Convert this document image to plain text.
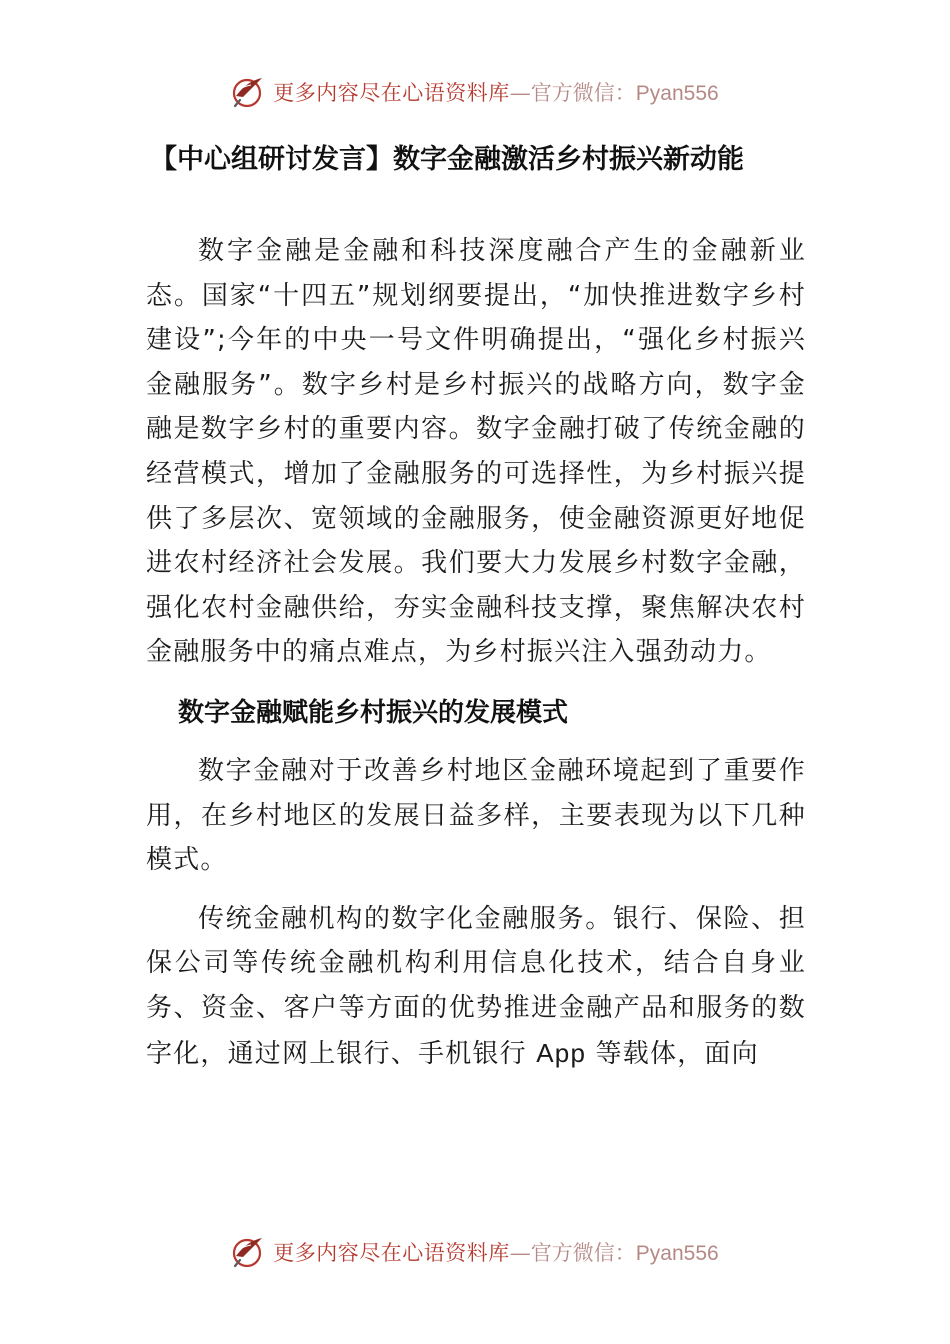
更多内容尽在心语资料库 —官方微信：Pyan556
【中心组研讨发言】数字金融激活乡村振兴新动能

数字金融是金融和科技深度融合产生的金融新业态。国家“十四五”规划纲要提出，“加快推进数字乡村建设”;今年的中央一号文件明确提出，“强化乡村振兴金融服务”。数字乡村是乡村振兴的战略方向，数字金融是数字乡村的重要内容。数字金融打破了传统金融的经营模式，增加了金融服务的可选择性，为乡村振兴提供了多层次、宽领域的金融服务，使金融资源更好地促进农村经济社会发展。我们要大力发展乡村数字金融，强化农村金融供给，夯实金融科技支撑，聚焦解决农村金融服务中的痛点难点，为乡村振兴注入强劲动力。

数字金融赋能乡村振兴的发展模式

数字金融对于改善乡村地区金融环境起到了重要作用，在乡村地区的发展日益多样，主要表现为以下几种模式。

传统金融机构的数字化金融服务。银行、保险、担保公司等传统金融机构利用信息化技术，结合自身业务、资金、客户等方面的优势推进金融产品和服务的数字化，通过网上银行、手机银行 App 等载体，面向

更多内容尽在心语资料库 —官方微信：Pyan556
